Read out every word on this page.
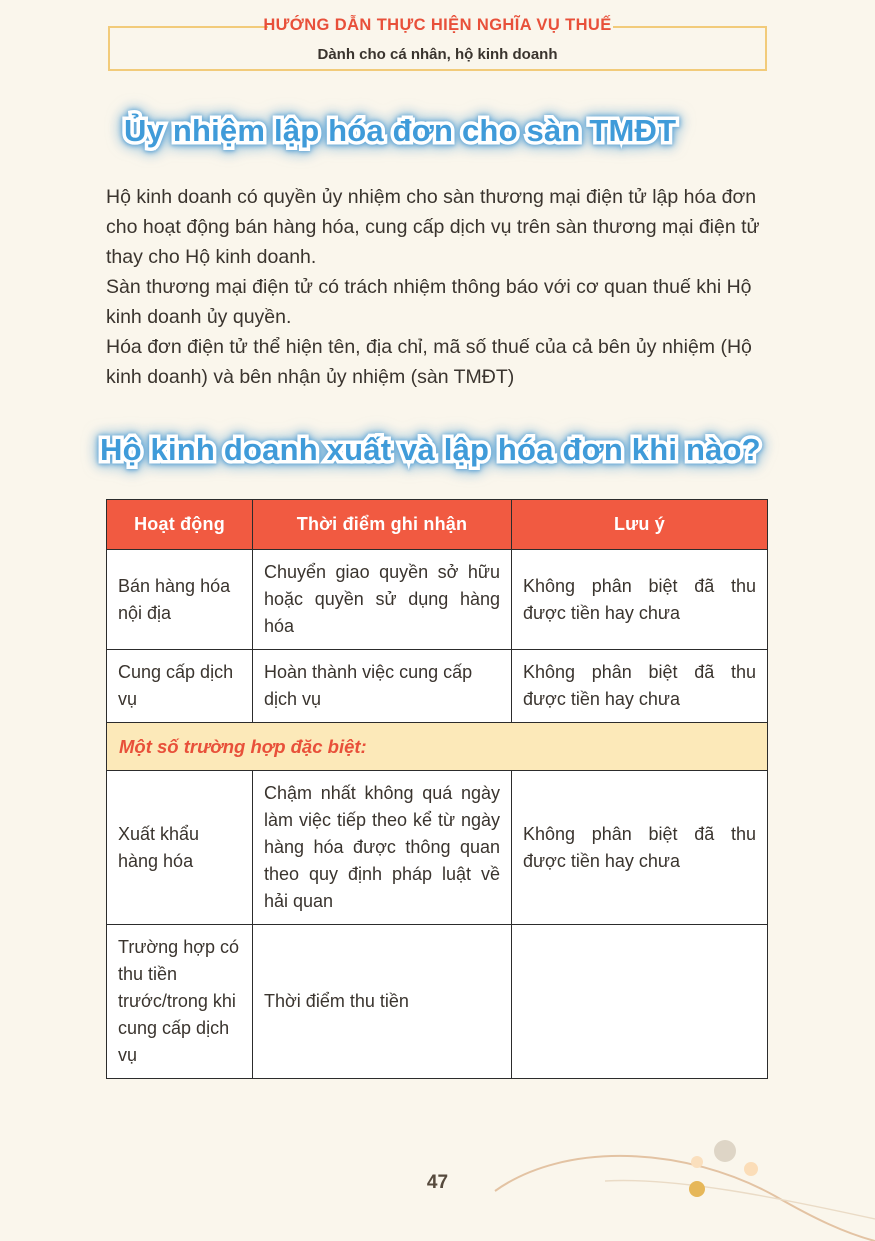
HƯỚNG DẪN THỰC HIỆN NGHĨA VỤ THUẾ
Dành cho cá nhân, hộ kinh doanh
Ủy nhiệm lập hóa đơn cho sàn TMĐT
Hộ kinh doanh có quyền ủy nhiệm cho sàn thương mại điện tử lập hóa đơn cho hoạt động bán hàng hóa, cung cấp dịch vụ trên sàn thương mại điện tử thay cho Hộ kinh doanh.
Sàn thương mại điện tử có trách nhiệm thông báo với cơ quan thuế khi Hộ kinh doanh ủy quyền.
Hóa đơn điện tử thể hiện tên, địa chỉ, mã số thuế của cả bên ủy nhiệm (Hộ kinh doanh) và bên nhận ủy nhiệm (sàn TMĐT)
Hộ kinh doanh xuất và lập hóa đơn khi nào?
Hoạt động	Thời điểm ghi nhận	Lưu ý
Bán hàng hóa nội địa	Chuyển giao quyền sở hữu hoặc quyền sử dụng hàng hóa	Không phân biệt đã thu được tiền hay chưa
Cung cấp dịch vụ	Hoàn thành việc cung cấp dịch vụ	Không phân biệt đã thu được tiền hay chưa
Một số trường hợp đặc biệt:		
Xuất khẩu hàng hóa	Chậm nhất không quá ngày làm việc tiếp theo kể từ ngày hàng hóa được thông quan theo quy định pháp luật về hải quan	Không phân biệt đã thu được tiền hay chưa
Trường hợp có thu tiền trước/trong khi cung cấp dịch vụ	Thời điểm thu tiền	
47
